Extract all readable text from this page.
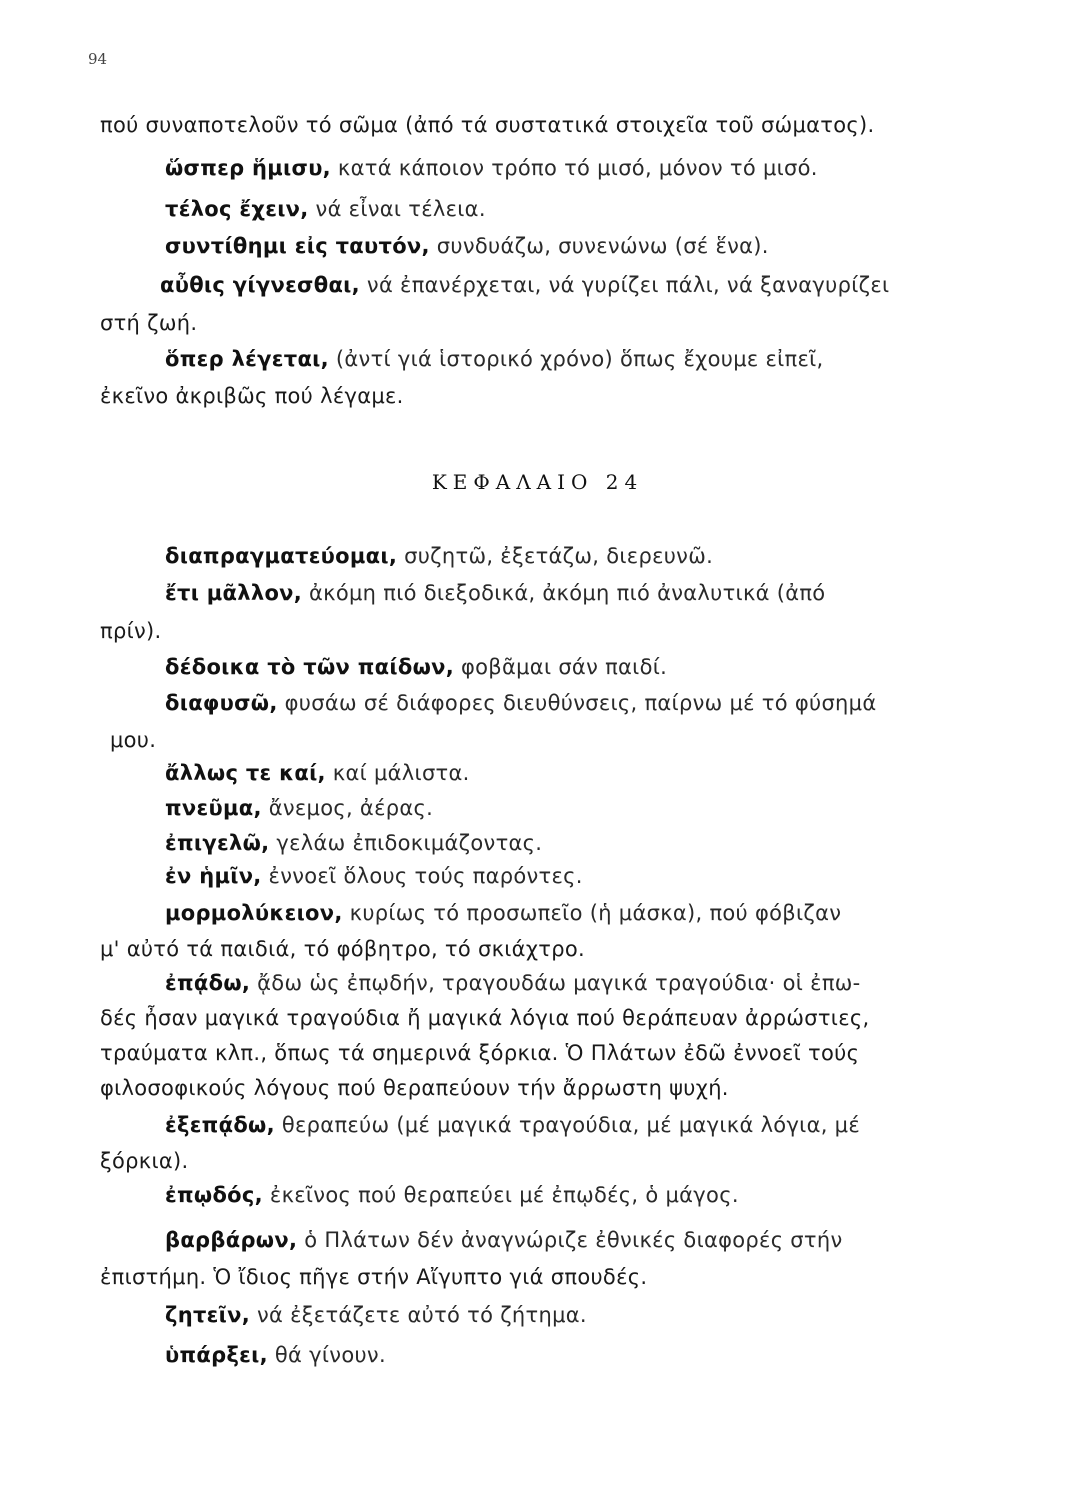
94
πού συναποτελοῦν τό σῶμα (ἀπό τά συστατικά στοιχεῖα τοῦ σώματος).
ὥσπερ ἥμισυ, κατά κάποιον τρόπο τό μισό, μόνον τό μισό.
τέλος ἔχειν, νά εἶναι τέλεια.
συντίθημι εἰς ταυτόν, συνδυάζω, συνενώνω (σέ ἕνα).
αὖθις γίγνεσθαι, νά ἐπανέρχεται, νά γυρίζει πάλι, νά ξαναγυρίζει
στή ζωή.
ὅπερ λέγεται, (ἀντί γιά ἱστορικό χρόνο) ὅπως ἔχουμε εἰπεῖ,
ἐκεῖνο ἀκριβῶς πού λέγαμε.
ΚΕΦΑΛΑΙΟ 24
διαπραγματεύομαι, συζητῶ, ἐξετάζω, διερευνῶ.
ἔτι μᾶλλον, ἀκόμη πιό διεξοδικά, ἀκόμη πιό ἀναλυτικά (ἀπό
πρίν).
δέδοικα τὸ τῶν παίδων, φοβᾶμαι σάν παιδί.
διαφυσῶ, φυσάω σέ διάφορες διευθύνσεις, παίρνω μέ τό φύσημά
μου.
ἄλλως τε καί, καί μάλιστα.
πνεῦμα, ἄνεμος, ἀέρας.
ἐπιγελῶ, γελάω ἐπιδοκιμάζοντας.
ἐν ἡμῖν, ἐννοεῖ ὅλους τούς παρόντες.
μορμολύκειον, κυρίως τό προσωπεῖο (ἡ μάσκα), πού φόβιζαν
μ' αὐτό τά παιδιά, τό φόβητρο, τό σκιάχτρο.
ἐπᾴδω, ᾄδω ὡς ἐπῳδήν, τραγουδάω μαγικά τραγούδια· οἱ ἐπω-
δές ἦσαν μαγικά τραγούδια ἤ μαγικά λόγια πού θεράπευαν ἀρρώστιες,
τραύματα κλπ., ὅπως τά σημερινά ξόρκια. Ὁ Πλάτων ἐδῶ ἐννοεῖ τούς
φιλοσοφικούς λόγους πού θεραπεύουν τήν ἄρρωστη ψυχή.
ἐξεπᾴδω, θεραπεύω (μέ μαγικά τραγούδια, μέ μαγικά λόγια, μέ
ξόρκια).
ἐπῳδός, ἐκεῖνος πού θεραπεύει μέ ἐπῳδές, ὁ μάγος.
βαρβάρων, ὁ Πλάτων δέν ἀναγνώριζε ἐθνικές διαφορές στήν
ἐπιστήμη. Ὁ ἴδιος πῆγε στήν Αἴγυπτο γιά σπουδές.
ζητεῖν, νά ἐξετάζετε αὐτό τό ζήτημα.
ὑπάρξει, θά γίνουν.
